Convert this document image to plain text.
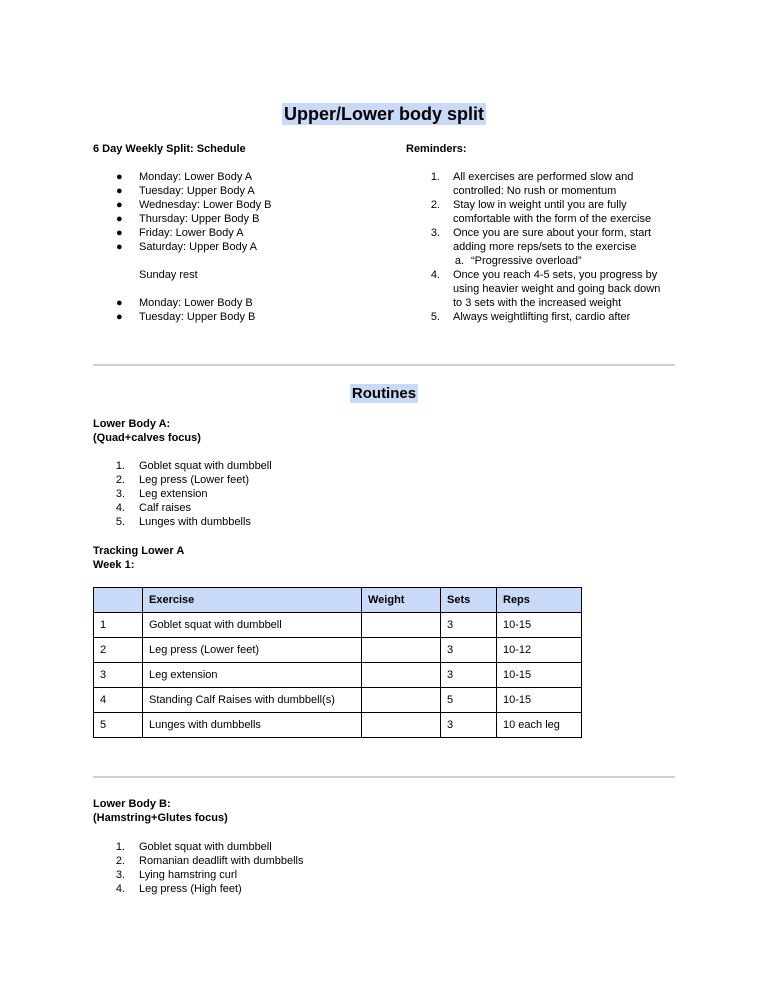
Upper/Lower body split
6 Day Weekly Split: Schedule
● Monday: Lower Body A
● Tuesday: Upper Body A
● Wednesday: Lower Body B
● Thursday: Upper Body B
● Friday: Lower Body A
● Saturday: Upper Body A
Sunday rest
● Monday: Lower Body B
● Tuesday: Upper Body B
Reminders:
1. All exercises are performed slow and
controlled: No rush or momentum
2. Stay low in weight until you are fully
comfortable with the form of the exercise
3. Once you are sure about your form, start
adding more reps/sets to the exercise
a. “Progressive overload”
4. Once you reach 4-5 sets, you progress by
using heavier weight and going back down
to 3 sets with the increased weight
5. Always weightlifting first, cardio after
Routines
Lower Body A:
(Quad+calves focus)
1. Goblet squat with dumbbell
2. Leg press (Lower feet)
3. Leg extension
4. Calf raises
5. Lunges with dumbbells
Tracking Lower A
Week 1:
	Exercise	Weight	Sets	Reps
1	Goblet squat with dumbbell		3	10-15
2	Leg press (Lower feet)		3	10-12
3	Leg extension		3	10-15
4	Standing Calf Raises with dumbbell(s)		5	10-15
5	Lunges with dumbbells		3	10 each leg
Lower Body B:
(Hamstring+Glutes focus)
1. Goblet squat with dumbbell
2. Romanian deadlift with dumbbells
3. Lying hamstring curl
4. Leg press (High feet)
